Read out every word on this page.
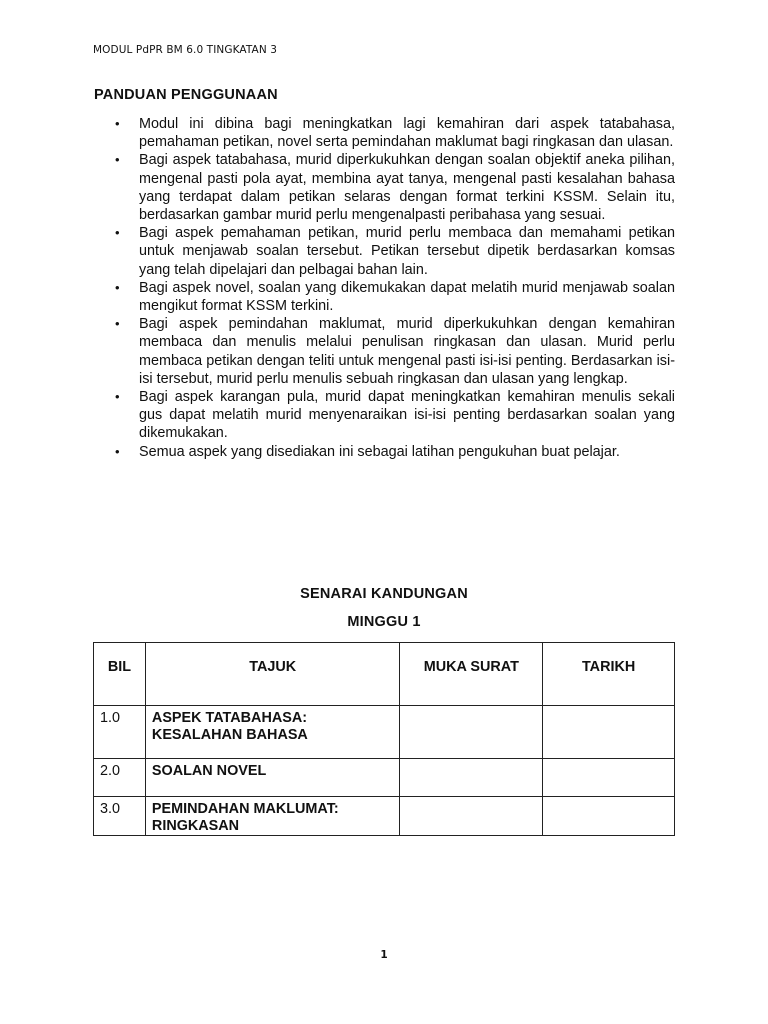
MODUL PdPR BM 6.0 TINGKATAN 3
PANDUAN PENGGUNAAN
• Modul ini dibina bagi meningkatkan lagi kemahiran dari aspek tatabahasa, pemahaman petikan, novel serta pemindahan maklumat bagi ringkasan dan ulasan.
• Bagi aspek tatabahasa, murid diperkukuhkan dengan soalan objektif aneka pilihan, mengenal pasti pola ayat, membina ayat tanya, mengenal pasti kesalahan bahasa yang terdapat dalam petikan selaras dengan format terkini KSSM. Selain itu, berdasarkan gambar murid perlu mengenalpasti peribahasa yang sesuai.
• Bagi aspek pemahaman petikan, murid perlu membaca dan memahami petikan untuk menjawab soalan tersebut. Petikan tersebut dipetik berdasarkan komsas yang telah dipelajari dan pelbagai bahan lain.
• Bagi aspek novel, soalan yang dikemukakan dapat melatih murid menjawab soalan mengikut format KSSM terkini.
• Bagi aspek pemindahan maklumat, murid diperkukuhkan dengan kemahiran membaca dan menulis melalui penulisan ringkasan dan ulasan. Murid perlu membaca petikan dengan teliti untuk mengenal pasti isi-isi penting. Berdasarkan isi-isi tersebut, murid perlu menulis sebuah ringkasan dan ulasan yang lengkap.
• Bagi aspek karangan pula, murid dapat meningkatkan kemahiran menulis sekali gus dapat melatih murid menyenaraikan isi-isi penting berdasarkan soalan yang dikemukakan.
• Semua aspek yang disediakan ini sebagai latihan pengukuhan buat pelajar.
SENARAI KANDUNGAN
MINGGU 1
BIL	TAJUK	MUKA SURAT	TARIKH
1.0	ASPEK TATABAHASA:
KESALAHAN BAHASA		

2.0	SOALAN NOVEL		

3.0	PEMINDAHAN MAKLUMAT:
RINGKASAN		

1
